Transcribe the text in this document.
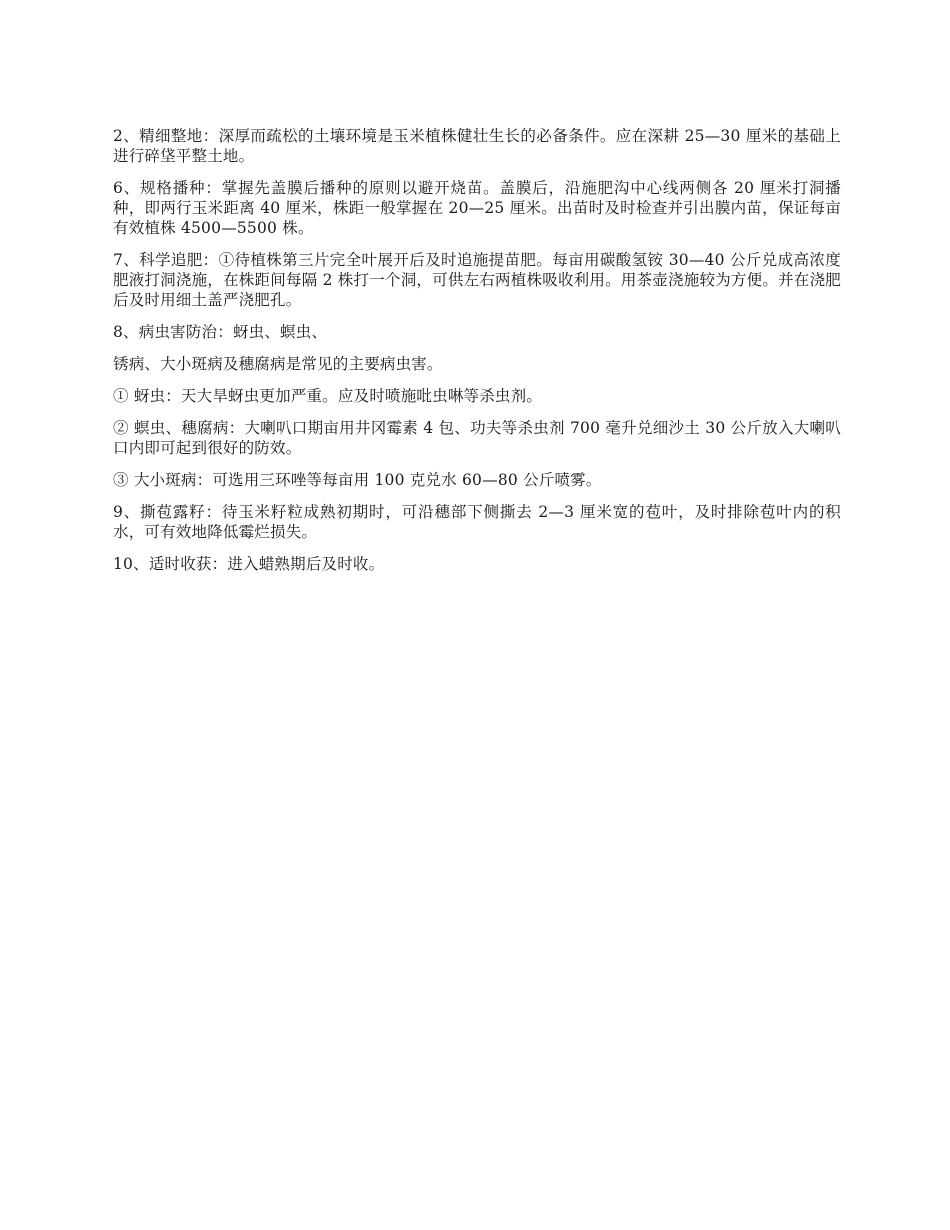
2、精细整地：深厚而疏松的土壤环境是玉米植株健壮生长的必备条件。应在深耕 25—30 厘米的基础上进行碎垡平整土地。

6、规格播种：掌握先盖膜后播种的原则以避开烧苗。盖膜后，沿施肥沟中心线两侧各 20 厘米打洞播种，即两行玉米距离 40 厘米，株距一般掌握在 20—25 厘米。出苗时及时检查并引出膜内苗，保证每亩有效植株 4500—5500 株。

7、科学追肥：①待植株第三片完全叶展开后及时追施提苗肥。每亩用碳酸氢铵 30—40 公斤兑成高浓度肥液打洞浇施，在株距间每隔 2 株打一个洞，可供左右两植株吸收利用。用茶壶浇施较为方便。并在浇肥后及时用细土盖严浇肥孔。

8、病虫害防治：蚜虫、螟虫、

锈病、大小斑病及穗腐病是常见的主要病虫害。

① 蚜虫：天大旱蚜虫更加严重。应及时喷施吡虫啉等杀虫剂。

② 螟虫、穗腐病：大喇叭口期亩用井冈霉素 4 包、功夫等杀虫剂 700 毫升兑细沙土 30 公斤放入大喇叭口内即可起到很好的防效。

③ 大小斑病：可选用三环唑等每亩用 100 克兑水 60—80 公斤喷雾。

9、撕苞露籽：待玉米籽粒成熟初期时，可沿穗部下侧撕去 2—3 厘米宽的苞叶，及时排除苞叶内的积水，可有效地降低霉烂损失。

10、适时收获：进入蜡熟期后及时收。
